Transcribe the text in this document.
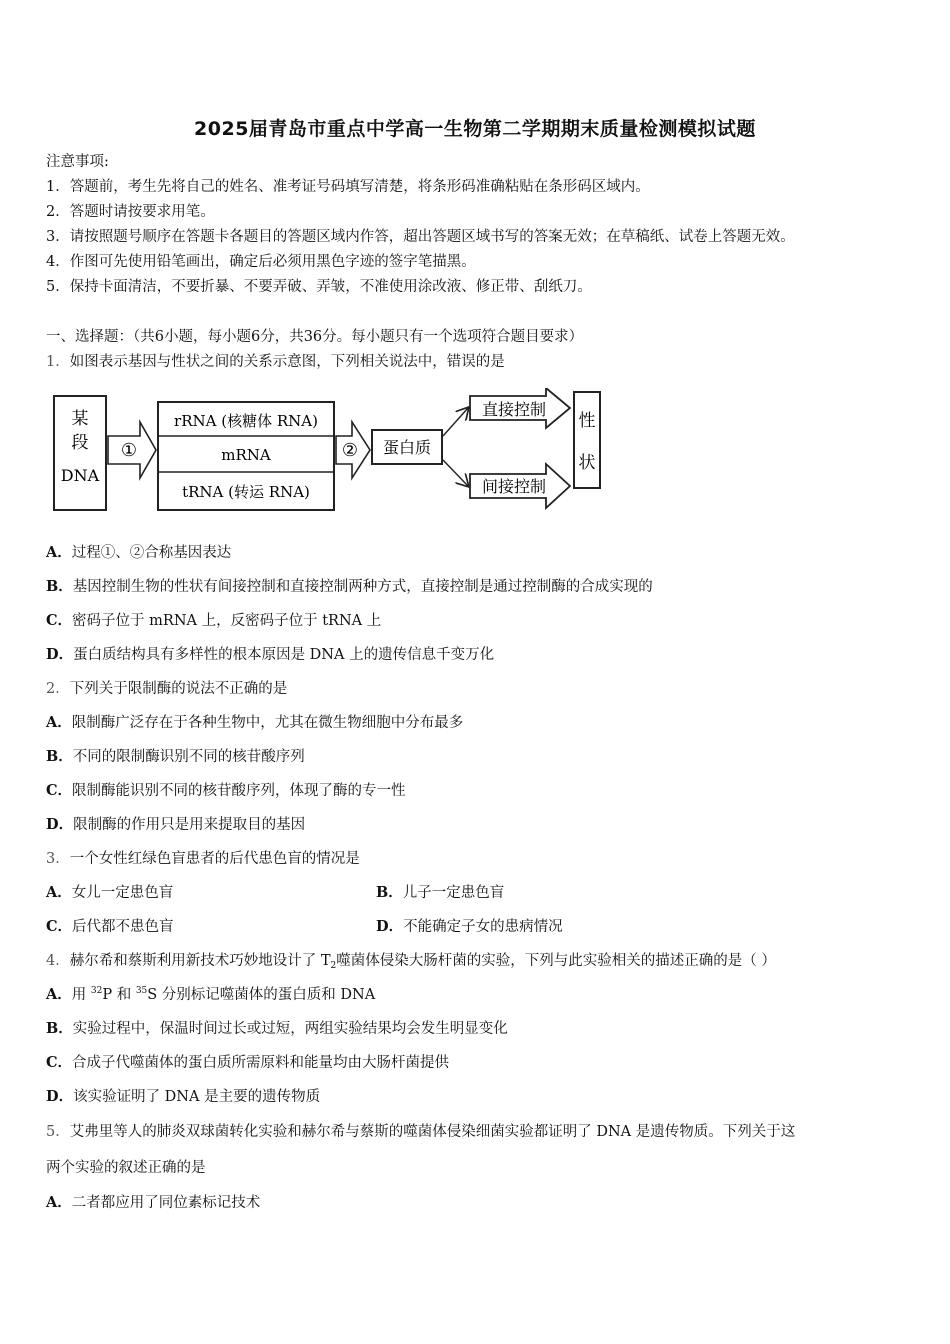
2025届青岛市重点中学高一生物第二学期期末质量检测模拟试题
注意事项:
1．答题前，考生先将自己的姓名、准考证号码填写清楚，将条形码准确粘贴在条形码区域内。
2．答题时请按要求用笔。
3．请按照题号顺序在答题卡各题目的答题区域内作答，超出答题区域书写的答案无效；在草稿纸、试卷上答题无效。
4．作图可先使用铅笔画出，确定后必须用黑色字迹的签字笔描黑。
5．保持卡面清洁，不要折暴、不要弄破、弄皱，不准使用涂改液、修正带、刮纸刀。
一、选择题：（共6小题，每小题6分，共36分。每小题只有一个选项符合题目要求）
1．如图表示基因与性状之间的关系示意图，下列相关说法中，错误的是
某
段
DNA
①
rRNA (核糖体 RNA)
mRNA
tRNA (转运 RNA)
② 蛋白质
直接控制
间接控制
性
状
A．过程①、②合称基因表达
B．基因控制生物的性状有间接控制和直接控制两种方式，直接控制是通过控制酶的合成实现的
C．密码子位于 mRNA 上，反密码子位于 tRNA 上
D．蛋白质结构具有多样性的根本原因是 DNA 上的遗传信息千变万化
2．下列关于限制酶的说法不正确的是
A．限制酶广泛存在于各种生物中，尤其在微生物细胞中分布最多
B．不同的限制酶识别不同的核苷酸序列
C．限制酶能识别不同的核苷酸序列，体现了酶的专一性
D．限制酶的作用只是用来提取目的基因
3．一个女性红绿色盲患者的后代患色盲的情况是
A．女儿一定患色盲	B．儿子一定患色盲
C．后代都不患色盲	D．不能确定子女的患病情况
4．赫尔希和蔡斯利用新技术巧妙地设计了 $T_2$噬菌体侵染大肠杆菌的实验，下列与此实验相关的描述正确的是（ ）
A．用 $^{32}$P 和 $^{35}$S 分别标记噬菌体的蛋白质和 DNA
B．实验过程中，保温时间过长或过短，两组实验结果均会发生明显变化
C．合成子代噬菌体的蛋白质所需原料和能量均由大肠杆菌提供
D．该实验证明了 DNA 是主要的遗传物质
5．艾弗里等人的肺炎双球菌转化实验和赫尔希与蔡斯的噬菌体侵染细菌实验都证明了 DNA 是遗传物质。下列关于这
两个实验的叙述正确的是
A．二者都应用了同位素标记技术
